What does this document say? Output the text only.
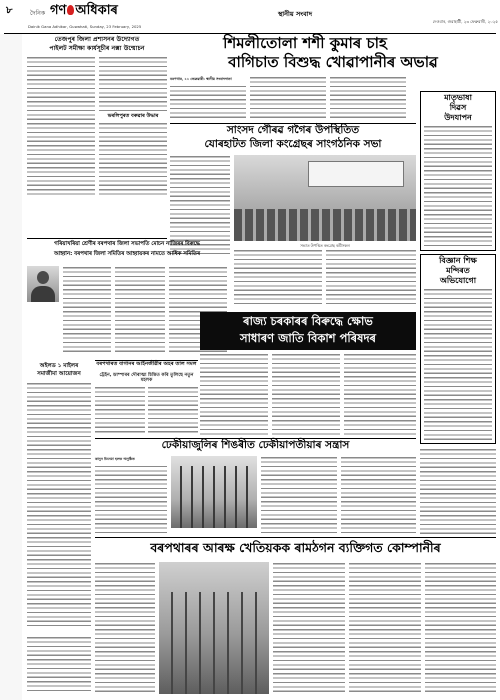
৮	দৈনিক গণ অধিকাৰ
Dainik Gana Adhikar, Guwahati, Sunday, 23 February, 2025
স্থানীয় সংবাদ
দেওবাৰ, গুৱাহাটী, ২৩ ফেব্ৰুৱাৰী, ২০২৫
তেজপুৰ জিলা প্ৰশাসনৰ উদ্যোগত
পাইলট সমীক্ষা কাৰ্যসূচীৰ নক্সা উন্মোচন
ভৰলিপুৰত বৰুৱাৰ উদ্ধাৰ
শিমলীতোলা শশী কুমাৰ চাহ
বাগিচাত বিশুদ্ধ খোৱাপানীৰ অভাৱ
মাতৃভাষা
দিৱস
উদযাপন
সাংসদ গৌৰৱ গগৈৰ উপস্থিতিত
যোৰহাটত জিলা কংগ্ৰেছৰ সাংগঠনিক সভা
সভাত উপস্থিত কংগ্ৰেছ কৰ্মীসকল
গৰিয়াখৰিয়া শ্ৰেণীৰ বৰপথাৰ জিলা সভাপতি মোচন নাজিৰৰ বিৰুদ্ধে
আহ্বান: বৰপথাৰ জিলা সমিতিৰ আহ্বায়কৰ নামতে আধিক সমিতিৰ
বিজ্ঞান শিক্ষ
মন্দিৰত
অভিযোগো
ৰাজ্য চৰকাৰৰ বিৰুদ্ধে ক্ষোভ
সাধাৰণ জাতি বিকাশ পৰিষদৰ
বৰপথাৰত বাগানৰ আইনজীৱীৰ অহৰ তাল সমল
ট্ৰেইন, ডাম্পাৰৰ দৌৰাত্ম্য চিন্তিত কৰি তুলিছে নতুন মহলক
অইলড ১ মাইলৰ
সমাজীমা আয়োজন
ঢেকীয়াজুলিৰ শিঙৰীত ঢেকীয়াপতীয়াৰ সন্ত্ৰাস
বৰপথাৰৰ আৰক্ষ খেতিয়কক ৰামঠগন ব্যক্তিগত কোম্পানীৰ
বৰপথাৰ, ২২ ফেব্ৰুৱাৰী: স্থানীয় সংবাদদাতা
কানুন চিনেমা হলত অনুষ্ঠিত
